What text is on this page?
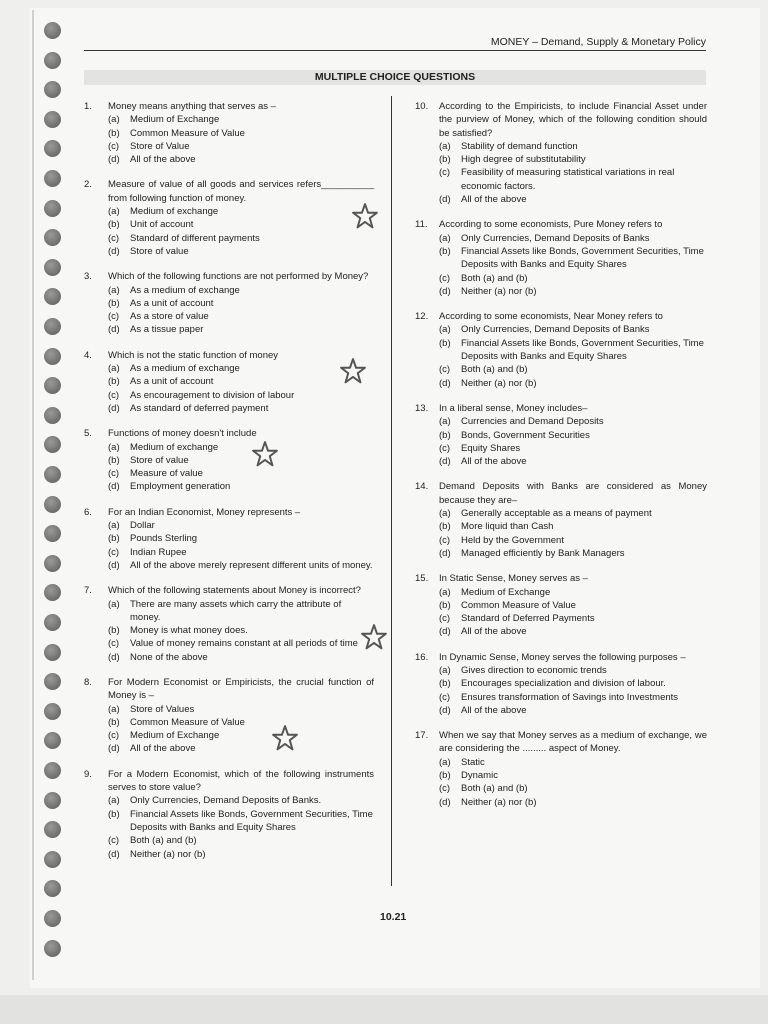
MONEY – Demand, Supply & Monetary Policy
MULTIPLE CHOICE QUESTIONS
1.	Money means anything that serves as –
(a)	Medium of Exchange
(b)	Common Measure of Value
(c)	Store of Value
(d)	All of the above
2.	Measure of value of all goods and services refers__________ from following function of money.
(a)	Medium of exchange
(b)	Unit of account
(c)	Standard of different payments
(d)	Store of value
3.	Which of the following functions are not performed by Money?
(a)	As a medium of exchange
(b)	As a unit of account
(c)	As a store of value
(d)	As a tissue paper
4.	Which is not the static function of money
(a)	As a medium of exchange
(b)	As a unit of account
(c)	As encouragement to division of labour
(d)	As standard of deferred payment
5.	Functions of money doesn't include
(a)	Medium of exchange
(b)	Store of value
(c)	Measure of value
(d)	Employment generation
6.	For an Indian Economist, Money represents –
(a)	Dollar
(b)	Pounds Sterling
(c)	Indian Rupee
(d)	All of the above merely represent different units of money.
7.	Which of the following statements about Money is incorrect?
(a)	There are many assets which carry the attribute of money.
(b)	Money is what money does.
(c)	Value of money remains constant at all periods of time
(d)	None of the above
8.	For Modern Economist or Empiricists, the crucial function of Money is –
(a)	Store of Values
(b)	Common Measure of Value
(c)	Medium of Exchange
(d)	All of the above
9.	For a Modern Economist, which of the following instruments serves to store value?
(a)	Only Currencies, Demand Deposits of Banks.
(b)	Financial Assets like Bonds, Government Securities, Time Deposits with Banks and Equity Shares
(c)	Both (a) and (b)
(d)	Neither (a) nor (b)
10.	According to the Empiricists, to include Financial Asset under the purview of Money, which of the following condition should be satisfied?
(a)	Stability of demand function
(b)	High degree of substitutability
(c)	Feasibility of measuring statistical variations in real economic factors.
(d)	All of the above
11.	According to some economists, Pure Money refers to
(a)	Only Currencies, Demand Deposits of Banks
(b)	Financial Assets like Bonds, Government Securities, Time Deposits with Banks and Equity Shares
(c)	Both (a) and (b)
(d)	Neither (a) nor (b)
12.	According to some economists, Near Money refers to
(a)	Only Currencies, Demand Deposits of Banks
(b)	Financial Assets like Bonds, Government Securities, Time Deposits with Banks and Equity Shares
(c)	Both (a) and (b)
(d)	Neither (a) nor (b)
13.	In a liberal sense, Money includes–
(a)	Currencies and Demand Deposits
(b)	Bonds, Government Securities
(c)	Equity Shares
(d)	All of the above
14.	Demand Deposits with Banks are considered as Money because they are–
(a)	Generally acceptable as a means of payment
(b)	More liquid than Cash
(c)	Held by the Government
(d)	Managed efficiently by Bank Managers
15.	In Static Sense, Money serves as –
(a)	Medium of Exchange
(b)	Common Measure of Value
(c)	Standard of Deferred Payments
(d)	All of the above
16.	In Dynamic Sense, Money serves the following purposes –
(a)	Gives direction to economic trends
(b)	Encourages specialization and division of labour.
(c)	Ensures transformation of Savings into Investments
(d)	All of the above
17.	When we say that Money serves as a medium of exchange, we are considering the ......... aspect of Money.
(a)	Static
(b)	Dynamic
(c)	Both (a) and (b)
(d)	Neither (a) nor (b)
10.21
